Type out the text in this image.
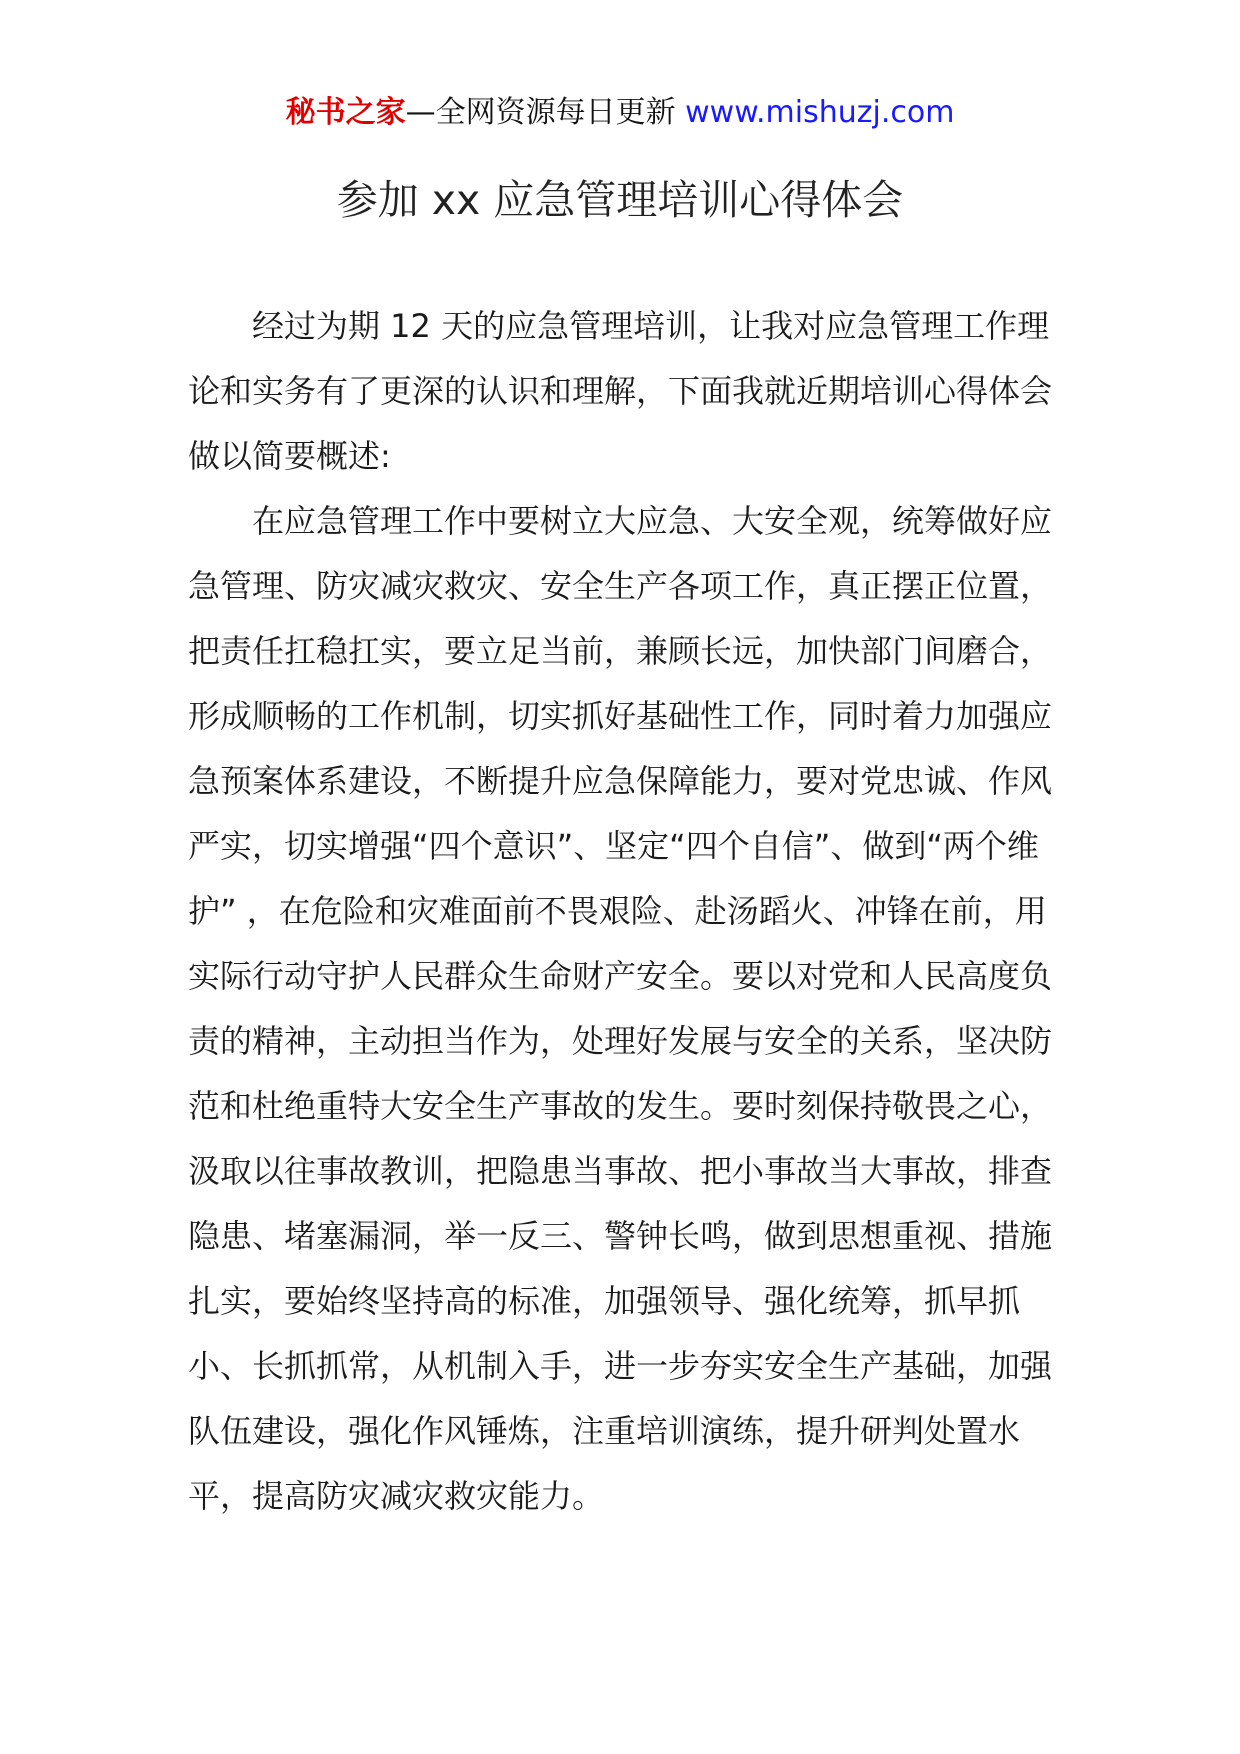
秘书之家—全网资源每日更新 www.mishuzj.com
参加 xx 应急管理培训心得体会

经过为期 12 天的应急管理培训，让我对应急管理工作理论和实务有了更深的认识和理解，下面我就近期培训心得体会做以简要概述:

在应急管理工作中要树立大应急、大安全观，统筹做好应急管理、防灾减灾救灾、安全生产各项工作，真正摆正位置，把责任扛稳扛实，要立足当前，兼顾长远，加快部门间磨合，形成顺畅的工作机制，切实抓好基础性工作，同时着力加强应急预案体系建设，不断提升应急保障能力，要对党忠诚、作风严实，切实增强“四个意识”、坚定“四个自信”、做到“两个维护” ，在危险和灾难面前不畏艰险、赴汤蹈火、冲锋在前，用实际行动守护人民群众生命财产安全。要以对党和人民高度负责的精神，主动担当作为，处理好发展与安全的关系，坚决防范和杜绝重特大安全生产事故的发生。要时刻保持敬畏之心，汲取以往事故教训，把隐患当事故、把小事故当大事故，排查隐患、堵塞漏洞，举一反三、警钟长鸣，做到思想重视、措施扎实，要始终坚持高的标准，加强领导、强化统筹，抓早抓小、长抓抓常，从机制入手，进一步夯实安全生产基础，加强队伍建设，强化作风锤炼，注重培训演练，提升研判处置水平，提高防灾减灾救灾能力。
